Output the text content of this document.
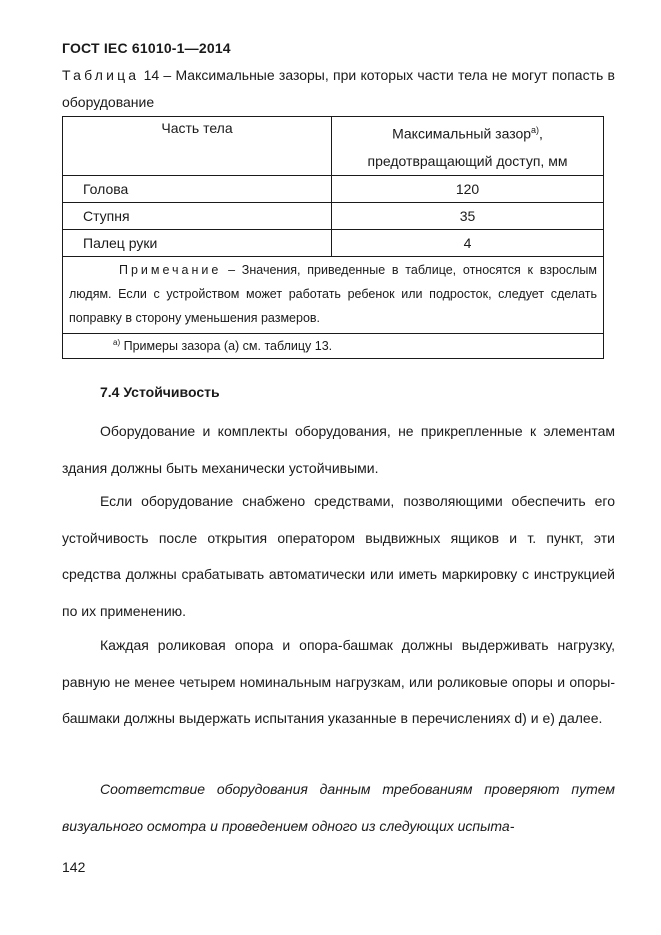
ГОСТ IEC 61010-1—2014
Таблица 14 – Максимальные зазоры, при которых части тела не могут попасть в оборудование
Часть тела	Максимальный зазор$^{a)}$,
предотвращающий доступ, мм
Голова	120
Ступня	35
Палец руки	4
Примечание – Значения, приведенные в таблице, относятся к взрослым людям. Если с устройством может работать ребенок или подросток, следует сделать поправку в сторону уменьшения размеров.	
$^{a)}$ Примеры зазора (a) см. таблицу 13.	
7.4 Устойчивость
Оборудование и комплекты оборудования, не прикрепленные к элементам здания должны быть механически устойчивыми.
Если оборудование снабжено средствами, позволяющими обеспечить его устойчивость после открытия оператором выдвижных ящиков и т. пункт, эти средства должны срабатывать автоматически или иметь маркировку с инструкцией по их применению.
Каждая роликовая опора и опора-башмак должны выдерживать нагрузку, равную не менее четырем номинальным нагрузкам, или роликовые опоры и опоры-башмаки должны выдержать испытания указанные в перечислениях d) и e) далее.
Соответствие оборудования данным требованиям проверяют путем визуального осмотра и проведением одного из следующих испыта-
142
